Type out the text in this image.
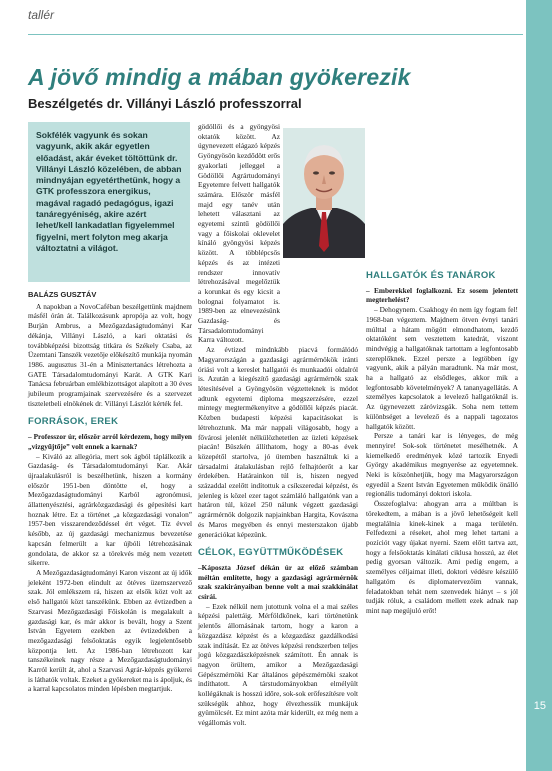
15
tallér
A jövő mindig a mában gyökerezik
Beszélgetés dr. Villányi László professzorral

Sokfélék vagyunk és sokan vagyunk, akik akár egyetlen előadást, akár éveket töltöttünk dr. Villányi László közelében, de abban mindnyájan egyetérthetünk, hogy a GTK professzora energikus, magával ragadó pedagógus, igazi tanáregyéniség, akire azért lehet/kell lankadatlan figyelemmel figyelni, mert folyton meg akarja változtatni a világot.

BALÁZS GUSZTÁV

A napokban a NovoCaféban beszélgettünk majdnem másfél órán át. Találkozásunk apropója az volt, hogy Burján Ambrus, a Mezőgazdaságtudományi Kar dékánja, Villányi László, a kari oktatási és továbbképzési bizottság titkára és Székely Csaba, az Üzemtani Tanszék vezetője előkészítő munkája nyomán 1986. augusztus 31-én a Minisztertanács létrehozta a GATE Társadalomtudományi Karát. A GTK Kari Tanácsa februárban emlékbizottságot alapított a 30 éves jubileum programjainak szervezésére és a szervezet tiszteletbeli elnökének dr. Villányi Lászlót kérték fel.

FORRÁSOK, EREK

– Professzor úr, először arról kérdezem, hogy milyen „vizgyűjtője” volt ennek a karnak?

– Kiváló az allegória, mert sok ágból táplálkozik a Gazdaság- és Társadalomtudományi Kar. Akár újraalakulásról is beszélhetünk, hiszen a kormány először 1951-ben döntötte el, hogy a Mezőgazdaságtudományi Karból agronómusi, állattenyésztési, agrárközgazdasági és gépesítési kart hoznak létre. Ez a történet „a közgazdasági vonalon” 1957-ben visszarendeződéssel ért véget. Tíz évvel később, az új gazdasági mechanizmus bevezetése kapcsán felmerült a kar újbóli létrehozásának gondolata, de akkor sz a törekvés még nem vezetett sikerre.

A Mezőgazdaságtudományi Karon viszont az új idők jeleként 1972-ben elindult az ötéves üzemszervező szak. Jól emlékszem rá, hiszen az elsők közt volt az első hallgatói közt tanszékünk. Ebben az évtizedben a Szarvasi Mezőgazdasági Főiskolán is megalakult a gazdasági kar, és már akkor is bevált, hogy a Szent István Egyetem ezekben az évtizedekben a mezőgazdasági felsőoktatás egyik legjelentősebb központja lett. Az 1986-ban létrehozott kar tanszékeinek nagy része a Mezőgazdaságtudományi Karról került át, ahol a Szarvasi Agrár-képzés gyökerei is láthatók voltak. Ezeket a gyökereket ma is ápoljuk, és a karral kapcsolatos minden lépésben megtartjuk.

gödöllői és a gyöngyösi oktatók között. Az úgynevezett elágazó képzés Gyöngyösön kezdődött erős gyakorlati jelleggel a Gödöllői Agrártudományi Egyetemre felvett hallgatók számára. Először másfél majd egy tanév után lehetett választani az egyetemi szintű gödöllői vagy a főiskolai oklevelet kínáló gyöngyösi képzés között. A többlépcsős képzés és az intézeti rendszer innovatív létrehozásával megelőztük a korunkat és egy kicsit a bolognai folyamatot is. 1989-ben az elnevezésünk Gazdaság- és Társadalomtudományi Karra változott.

Az évtized mindnkább piacvá formálódó Magyarországán a gazdasági agrármérnökök iránti óriási volt a kereslet hallgatói és munkaadói oldalról is. Azután a kiegészítő gazdasági agrármérnök szak létesítésével a Gyöngyösön végzetteknek is módot adtunk egyetemi diploma megszerzésére, ezzel mintegy megtermékenyítve a gödöllői képzés piacát. Közben budapesti képzési kapacitásokat is létrehoztunk. Ma már nappali világosabb, hogy a fővárosi jelenlét nélkülözhetetlen az üzleti képzések piacán! Büszkén állíthatom, hogy a 80-as évek közepétől startolva, jó ütemben használtuk ki a társadalmi átalakulásban rejlő felhajtóerőt a kar érdekében. Határainkon túl is, hiszen negyed századdal ezelőtt indítottuk a csíkszeredai képzést, és jelenleg is közel ezer tagot számláló hallgatónk van a határon túl, közel 250 nálunk végzett gazdasági agrármérnök dolgozik napjainkban Hargita, Kovászna és Maros megyében és ennyi mesterszakon újabb generációkat képezünk.

CÉLOK, EGYÜTTMŰKÖDÉSEK

–Káposzta József dékán úr az előző számban méltán említette, hogy a gazdasági agrármérnök szak szakirányaiban benne volt a mai szakkínálat csírái.

– Ezek nélkül nem jutottunk volna el a mai széles képzési palettáig. Mérföldkőnek, kari történetünk jelentős állomásának tartom, hogy a karon a közgazdász képzést és a közgazdász gazdálkodási szak indítását. Ez az ötéves képzési rendszerben teljes jogú közgazdászképzésnek számított. Én annak is nagyon örültem, amikor a Mezőgazdasági Gépészmérnöki Kar általános gépészmérnöki szakot indíthatott. A társtudományokban elmélyült kollégáknak is hosszú időre, sok-sok erőfeszítésre volt szükségük ahhoz, hogy élvezhessük munkájuk gyümölcsét. Ez mint azóta már kiderült, ez még nem a végállomás volt.

HALLGATÓK ÉS TANÁROK

– Emberekkel foglalkozni. Ez sosem jelentett megterhelést?

– Dehogynem. Csakhogy én nem így fogtam fel! 1968-ban végeztem. Majdnem ötven évnyi tanári múlttal a hátam mögött elmondhatom, kezdő oktatóként sem vesztettem katedrát, viszont mindvégig a hallgatóknak tartottam a legfontosabb szereplőknek. Ezzel persze a legtöbben így vagyunk, akik a pályán maradtunk. Na már most, ha a hallgató az elsődleges, akkor mik a legfontosabb követelmények? A tananyagellátás. A személyes kapcsolatok a levelező hallgatóknál is. Az úgynevezett záróvizsgák. Soha nem tettem különbséget a levelező és a nappali tagozatos hallgatók között.

Persze a tanári kar is lényeges, de még mennyire! Sok-sok történetet mesélhetnék. A kiemelkedő eredmények közé tartozik Enyedi György akadémikus megnyerése az egyetemnek. Neki is köszönhetjük, hogy ma Magyarországon egyedül a Szent István Egyetemen működik önálló regionális tudományi doktori iskola.

Összefoglalva: ahogyan arra a múltban is törekedtem, a mában is a jövő lehetőségeit kell megtalálnia kinek-kinek a maga területén. Felfedezni a réseket, ahol meg lehet tartani a pozíciót vagy újakat nyerni. Szem előtt tartva azt, hogy a felsőoktatás kínálati ciklusa hosszú, az élet pedig gyorsan változik. Ami pedig engem, a személyes céljaimat illeti, doktori védésre készülő hallgatóm és diplomatervezőim vannak, feladatokban tehát nem szenvedek hiányt – s jól tudják róluk, a családom mellett ezek adnak nap mint nap megújuló erőt!
